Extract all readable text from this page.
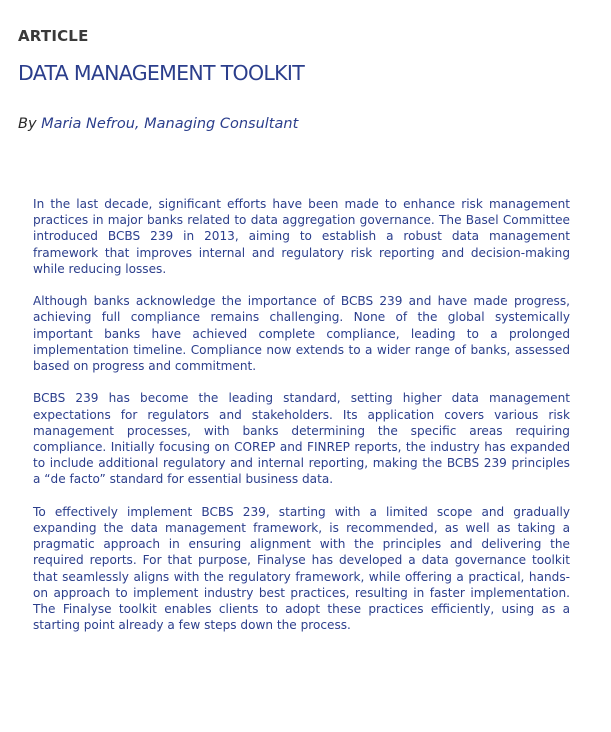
ARTICLE
DATA MANAGEMENT TOOLKIT
By Maria Nefrou, Managing Consultant

In the last decade, significant efforts have been made to enhance risk management practices in major banks related to data aggregation governance. The Basel Committee introduced BCBS 239 in 2013, aiming to establish a robust data management framework that improves internal and regulatory risk reporting and decision-making while reducing losses.

Although banks acknowledge the importance of BCBS 239 and have made progress, achieving full compliance remains challenging. None of the global systemically important banks have achieved complete compliance, leading to a prolonged implementation timeline. Compliance now extends to a wider range of banks, assessed based on progress and commitment.

BCBS 239 has become the leading standard, setting higher data management expectations for regulators and stakeholders. Its application covers various risk management processes, with banks determining the specific areas requiring compliance. Initially focusing on COREP and FINREP reports, the industry has expanded to include additional regulatory and internal reporting, making the BCBS 239 principles a “de facto” standard for essential business data.

To effectively implement BCBS 239, starting with a limited scope and gradually expanding the data management framework, is recommended, as well as taking a pragmatic approach in ensuring alignment with the principles and delivering the required reports. For that purpose, Finalyse has developed a data governance toolkit that seamlessly aligns with the regulatory framework, while offering a practical, hands-on approach to implement industry best practices, resulting in faster implementation. The Finalyse toolkit enables clients to adopt these practices efficiently, using as a starting point already a few steps down the process.
